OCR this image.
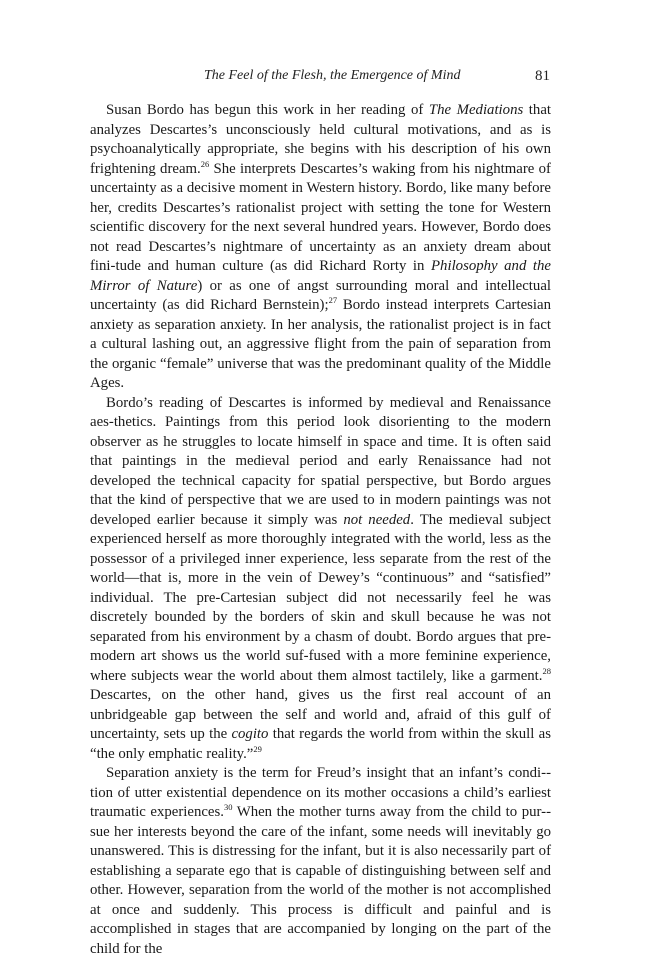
The Feel of the Flesh, the Emergence of Mind	81

Susan Bordo has begun this work in her reading of The Mediations that analyzes Descartes’s unconsciously held cultural motivations, and as is psychoanalytically appropriate, she begins with his description of his own frightening dream.$^{26}$ She interprets Descartes’s waking from his nightmare of uncertainty as a decisive moment in Western history. Bordo, like many before her, credits Descartes’s rationalist project with setting the tone for Western scientific discovery for the next several hundred years. However, Bordo does not read Descartes’s nightmare of uncertainty as an anxiety dream about fini-tude and human culture (as did Richard Rorty in Philosophy and the Mirror of Nature) or as one of angst surrounding moral and intellectual uncertainty (as did Richard Bernstein);$^{27}$ Bordo instead interprets Cartesian anxiety as separation anxiety. In her analysis, the rationalist project is in fact a cultural lashing out, an aggressive flight from the pain of separation from the organic “female” universe that was the predominant quality of the Middle Ages.

Bordo’s reading of Descartes is informed by medieval and Renaissance aes-thetics. Paintings from this period look disorienting to the modern observer as he struggles to locate himself in space and time. It is often said that paintings in the medieval period and early Renaissance had not developed the technical capacity for spatial perspective, but Bordo argues that the kind of perspective that we are used to in modern paintings was not developed earlier because it simply was not needed. The medieval subject experienced herself as more thoroughly integrated with the world, less as the possessor of a privileged inner experience, less separate from the rest of the world—that is, more in the vein of Dewey’s “continuous” and “satisfied” individual. The pre-Cartesian subject did not necessarily feel he was discretely bounded by the borders of skin and skull because he was not separated from his environment by a chasm of doubt. Bordo argues that pre-modern art shows us the world suf-fused with a more feminine experience, where subjects wear the world about them almost tactilely, like a garment.$^{28}$ Descartes, on the other hand, gives us the first real account of an unbridgeable gap between the self and world and, afraid of this gulf of uncertainty, sets up the cogito that regards the world from within the skull as “the only emphatic reality.”$^{29}$

Separation anxiety is the term for Freud’s insight that an infant’s condi-tion of utter existential dependence on its mother occasions a child’s earliest traumatic experiences.$^{30}$ When the mother turns away from the child to pur-sue her interests beyond the care of the infant, some needs will inevitably go unanswered. This is distressing for the infant, but it is also necessarily part of establishing a separate ego that is capable of distinguishing between self and other. However, separation from the world of the mother is not accomplished at once and suddenly. This process is difficult and painful and is accomplished in stages that are accompanied by longing on the part of the child for the
